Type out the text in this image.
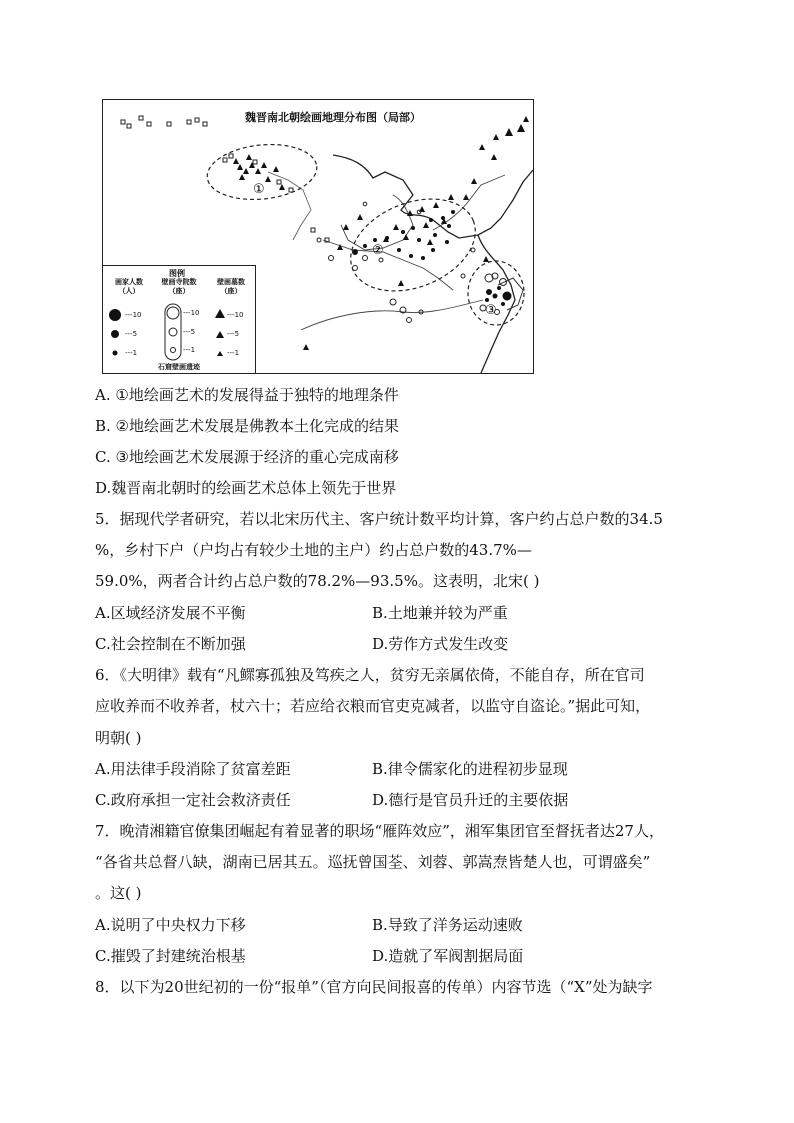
①
②
③
魏晋南北朝绘画地理分布图（局部）
图例
画家人数
（人）
壁画寺院数
（座）
壁画墓数
（座）
---10
---5
---1
---10
---5
---1
---10
---5
---1
石窟壁画遗迹
A. ①地绘画艺术的发展得益于独特的地理条件
B. ②地绘画艺术发展是佛教本土化完成的结果
C. ③地绘画艺术发展源于经济的重心完成南移
D.魏晋南北朝时的绘画艺术总体上领先于世界
5．据现代学者研究，若以北宋历代主、客户统计数平均计算，客户约占总户数的34.5
%，乡村下户（户均占有较少土地的主户）约占总户数的43.7%—
59.0%，两者合计约占总户数的78.2%—93.5%。这表明，北宋( )
A.区域经济发展不平衡	B.土地兼并较为严重
C.社会控制在不断加强	D.劳作方式发生改变
6．《大明律》载有“凡鳏寡孤独及笃疾之人，贫穷无亲属依倚，不能自存，所在官司
应收养而不收养者，杖六十；若应给衣粮而官吏克减者，以监守自盗论。”据此可知，
明朝( )
A.用法律手段消除了贫富差距	B.律令儒家化的进程初步显现
C.政府承担一定社会救济责任	D.德行是官员升迁的主要依据
7．晚清湘籍官僚集团崛起有着显著的职场“雁阵效应”，湘军集团官至督抚者达27人，
“各省共总督八缺，湖南已居其五。巡抚曾国荃、刘蓉、郭嵩焘皆楚人也，可谓盛矣”
。这( )
A.说明了中央权力下移	B.导致了洋务运动速败
C.摧毁了封建统治根基	D.造就了军阀割据局面
8．以下为20世纪初的一份“报单”（官方向民间报喜的传单）内容节选（“X”处为缺字
